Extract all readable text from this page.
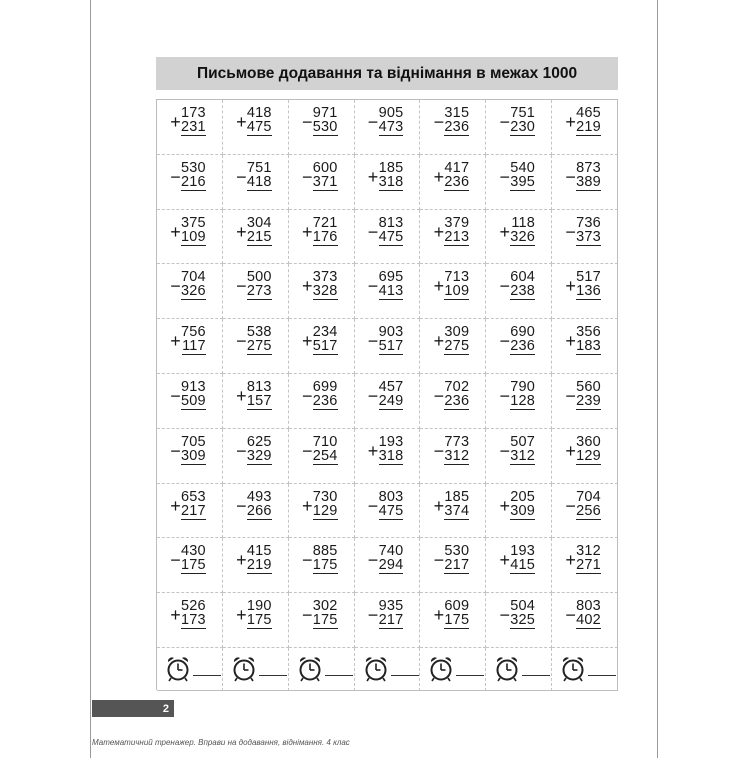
Письмове додавання та віднімання в межах 1000
+ 173
231 + 418
475 − 971
530 − 905
473 − 315
236 − 751
230 + 465
219
− 530
216 − 751
418 − 600
371 + 185
318 + 417
236 − 540
395 − 873
389
+ 375
109 + 304
215 + 721
176 − 813
475 + 379
213 + 118
326 − 736
373
− 704
326 − 500
273 + 373
328 − 695
413 + 713
109 − 604
238 + 517
136
+ 756
117 − 538
275 + 234
517 − 903
517 + 309
275 − 690
236 + 356
183
− 913
509 + 813
157 − 699
236 − 457
249 − 702
236 − 790
128 − 560
239
− 705
309 − 625
329 − 710
254 + 193
318 − 773
312 − 507
312 + 360
129
+ 653
217 − 493
266 + 730
129 − 803
475 + 185
374 + 205
309 − 704
256
− 430
175 + 415
219 − 885
175 − 740
294 − 530
217 + 193
415 + 312
271
+ 526
173 + 190
175 − 302
175 − 935
217 + 609
175 − 504
325 − 803
402
2
Математичний тренажер. Вправи на додавання, віднімання. 4 клас
